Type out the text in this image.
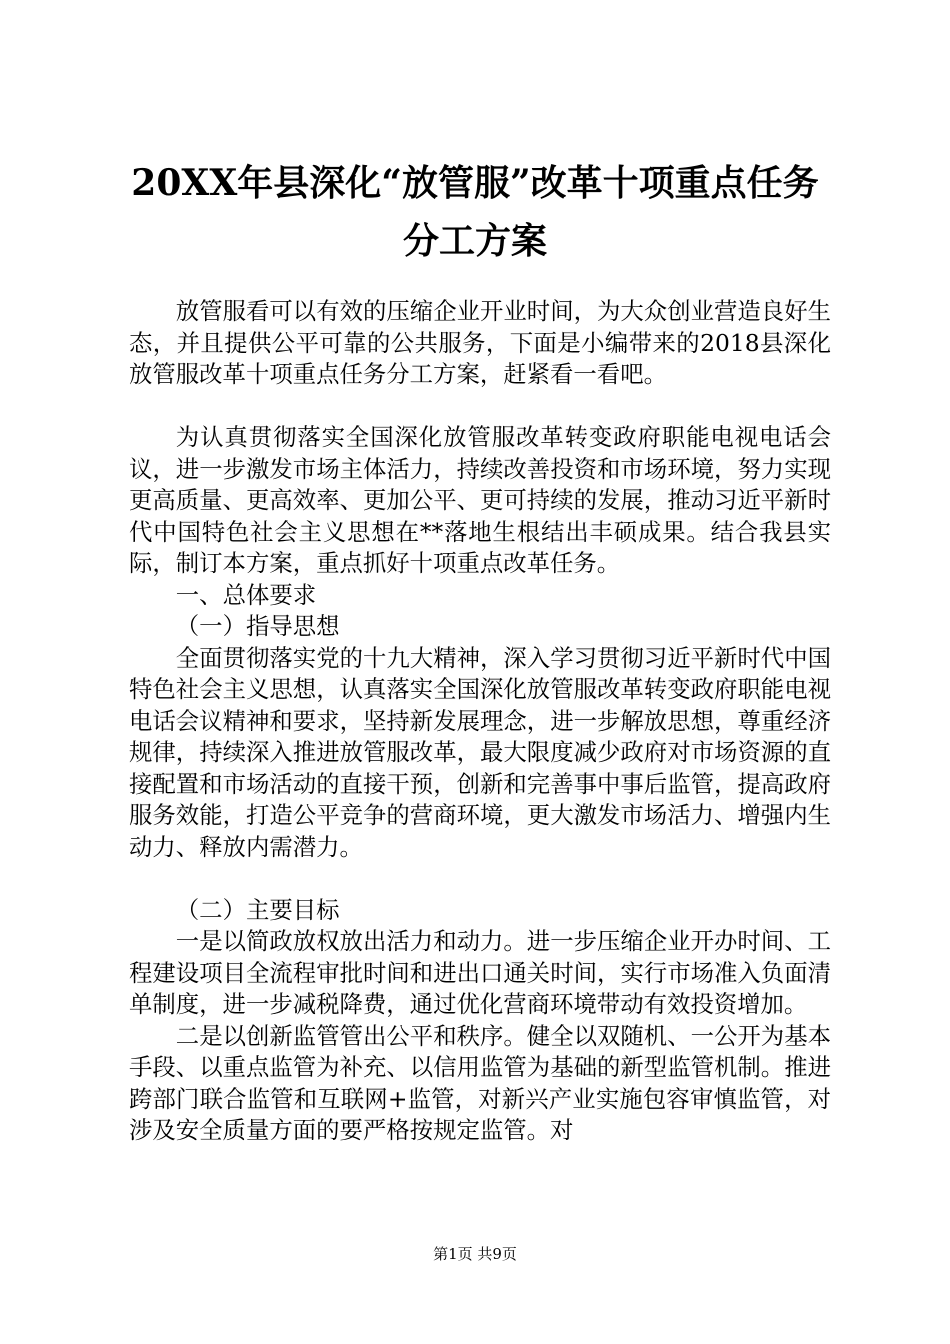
20XX年县深化“放管服”改革十项重点任务
分工方案

放管服看可以有效的压缩企业开业时间，为大众创业营造良好生态，并且提供公平可靠的公共服务，下面是小编带来的2018县深化放管服改革十项重点任务分工方案，赶紧看一看吧。

为认真贯彻落实全国深化放管服改革转变政府职能电视电话会议，进一步激发市场主体活力，持续改善投资和市场环境，努力实现更高质量、更高效率、更加公平、更可持续的发展，推动习近平新时代中国特色社会主义思想在**落地生根结出丰硕成果。结合我县实际，制订本方案，重点抓好十项重点改革任务。

一、总体要求

（一）指导思想

全面贯彻落实党的十九大精神，深入学习贯彻习近平新时代中国特色社会主义思想，认真落实全国深化放管服改革转变政府职能电视电话会议精神和要求，坚持新发展理念，进一步解放思想，尊重经济规律，持续深入推进放管服改革，最大限度减少政府对市场资源的直接配置和市场活动的直接干预，创新和完善事中事后监管，提高政府服务效能，打造公平竞争的营商环境，更大激发市场活力、增强内生动力、释放内需潜力。

（二）主要目标

一是以简政放权放出活力和动力。进一步压缩企业开办时间、工程建设项目全流程审批时间和进出口通关时间，实行市场准入负面清单制度，进一步减税降费，通过优化营商环境带动有效投资增加。

二是以创新监管管出公平和秩序。健全以双随机、一公开为基本手段、以重点监管为补充、以信用监管为基础的新型监管机制。推进跨部门联合监管和互联网+监管，对新兴产业实施包容审慎监管，对涉及安全质量方面的要严格按规定监管。对

第1页 共9页
